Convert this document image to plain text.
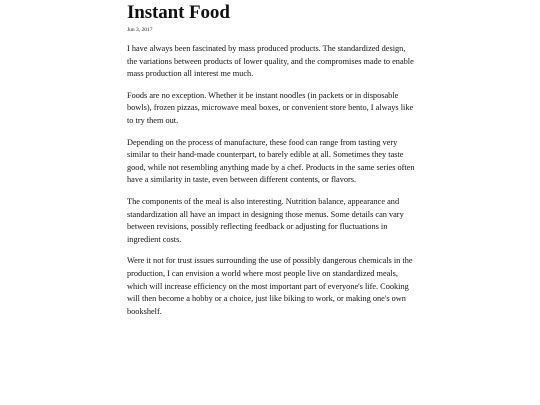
Instant Food
Jun 3, 2017

I have always been fascinated by mass produced products. The standardized design, the variations between products of lower quality, and the compromises made to enable mass production all interest me much.

Foods are no exception. Whether it be instant noodles (in packets or in disposable bowls), frozen pizzas, microwave meal boxes, or convenient store bento, I always like to try them out.

Depending on the process of manufacture, these food can range from tasting very similar to their hand-made counterpart, to barely edible at all. Sometimes they taste good, while not resembling anything made by a chef. Products in the same series often have a similarity in taste, even between different contents, or flavors.

The components of the meal is also interesting. Nutrition balance, appearance and standardization all have an impact in designing those menus. Some details can vary between revisions, possibly reflecting feedback or adjusting for fluctuations in ingredient costs.

Were it not for trust issues surrounding the use of possibly dangerous chemicals in the production, I can envision a world where most people live on standardized meals, which will increase efficiency on the most important part of everyone's life. Cooking will then become a hobby or a choice, just like biking to work, or making one's own bookshelf.
